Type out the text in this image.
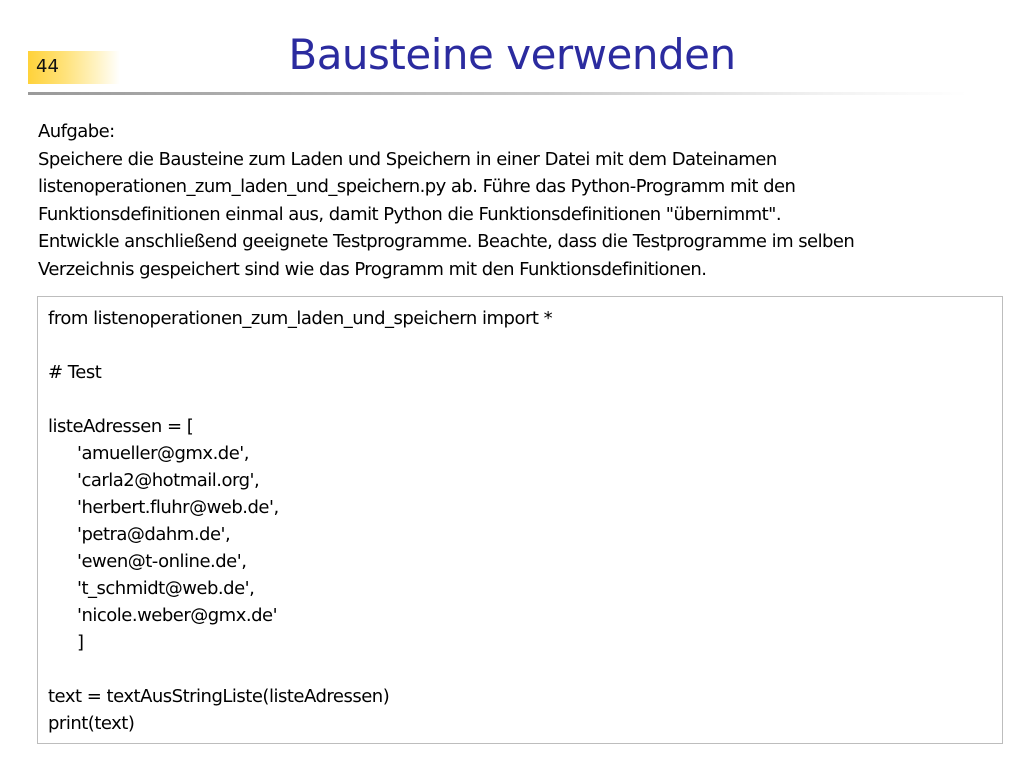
44	Bausteine verwenden
Aufgabe:
Speichere die Bausteine zum Laden und Speichern in einer Datei mit dem Dateinamen
listenoperationen_zum_laden_und_speichern.py ab. Führe das Python-Programm mit den
Funktionsdefinitionen einmal aus, damit Python die Funktionsdefinitionen "übernimmt".
Entwickle anschließend geeignete Testprogramme. Beachte, dass die Testprogramme im selben
Verzeichnis gespeichert sind wie das Programm mit den Funktionsdefinitionen.
from listenoperationen_zum_laden_und_speichern import *
# Test
listeAdressen = [
'amueller@gmx.de',
'carla2@hotmail.org',
'herbert.fluhr@web.de',
'petra@dahm.de',
'ewen@t-online.de',
't_schmidt@web.de',
'nicole.weber@gmx.de'
]
text = textAusStringListe(listeAdressen)
print(text)
